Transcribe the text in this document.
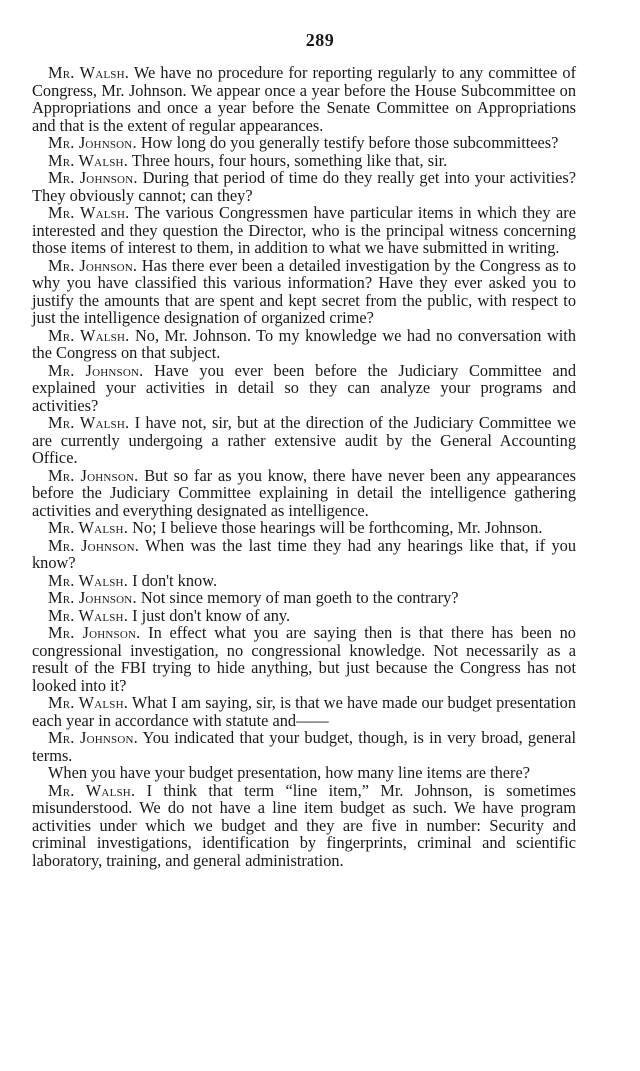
289

Mr. Walsh. We have no procedure for reporting regularly to any committee of Congress, Mr. Johnson. We appear once a year before the House Subcommittee on Appropriations and once a year before the Senate Committee on Appropriations and that is the extent of regular appearances.

Mr. Johnson. How long do you generally testify before those subcommittees?

Mr. Walsh. Three hours, four hours, something like that, sir.

Mr. Johnson. During that period of time do they really get into your activities? They obviously cannot; can they?

Mr. Walsh. The various Congressmen have particular items in which they are interested and they question the Director, who is the principal witness concerning those items of interest to them, in addition to what we have submitted in writing.

Mr. Johnson. Has there ever been a detailed investigation by the Congress as to why you have classified this various information? Have they ever asked you to justify the amounts that are spent and kept secret from the public, with respect to just the intelligence designation of organized crime?

Mr. Walsh. No, Mr. Johnson. To my knowledge we had no conversation with the Congress on that subject.

Mr. Johnson. Have you ever been before the Judiciary Committee and explained your activities in detail so they can analyze your programs and activities?

Mr. Walsh. I have not, sir, but at the direction of the Judiciary Committee we are currently undergoing a rather extensive audit by the General Accounting Office.

Mr. Johnson. But so far as you know, there have never been any appearances before the Judiciary Committee explaining in detail the intelligence gathering activities and everything designated as intelligence.

Mr. Walsh. No; I believe those hearings will be forthcoming, Mr. Johnson.

Mr. Johnson. When was the last time they had any hearings like that, if you know?

Mr. Walsh. I don't know.

Mr. Johnson. Not since memory of man goeth to the contrary?

Mr. Walsh. I just don't know of any.

Mr. Johnson. In effect what you are saying then is that there has been no congressional investigation, no congressional knowledge. Not necessarily as a result of the FBI trying to hide anything, but just because the Congress has not looked into it?

Mr. Walsh. What I am saying, sir, is that we have made our budget presentation each year in accordance with statute and——

Mr. Johnson. You indicated that your budget, though, is in very broad, general terms.

When you have your budget presentation, how many line items are there?

Mr. Walsh. I think that term “line item,” Mr. Johnson, is sometimes misunderstood. We do not have a line item budget as such. We have program activities under which we budget and they are five in number: Security and criminal investigations, identification by fingerprints, criminal and scientific laboratory, training, and general administration.
